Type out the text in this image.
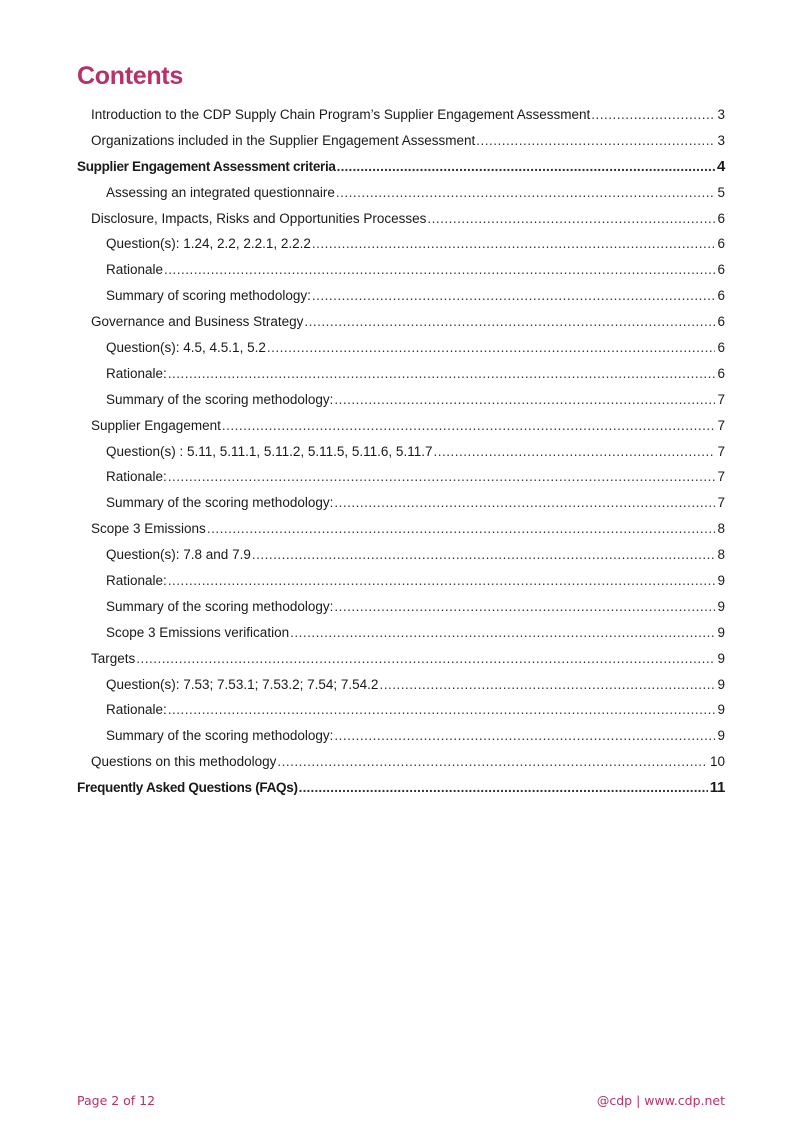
Contents
Introduction to the CDP Supply Chain Program’s Supplier Engagement Assessment .....	3
Organizations included in the Supplier Engagement Assessment .....	3
Supplier Engagement Assessment criteria .....	4
Assessing an integrated questionnaire .....	5
Disclosure, Impacts, Risks and Opportunities Processes .....	6
Question(s): 1.24, 2.2, 2.2.1, 2.2.2 .....	6
Rationale .....	6
Summary of scoring methodology: .....	6
Governance and Business Strategy .....	6
Question(s): 4.5, 4.5.1, 5.2 .....	6
Rationale: .....	6
Summary of the scoring methodology: .....	7
Supplier Engagement .....	7
Question(s) : 5.11, 5.11.1, 5.11.2, 5.11.5, 5.11.6, 5.11.7 .....	7
Rationale: .....	7
Summary of the scoring methodology: .....	7
Scope 3 Emissions .....	8
Question(s): 7.8 and 7.9 .....	8
Rationale: .....	9
Summary of the scoring methodology: .....	9
Scope 3 Emissions verification .....	9
Targets .....	9
Question(s): 7.53; 7.53.1; 7.53.2; 7.54; 7.54.2 .....	9
Rationale: .....	9
Summary of the scoring methodology: .....	9
Questions on this methodology .....	10
Frequently Asked Questions (FAQs) .....	11
Page 2 of 12	@cdp | www.cdp.net
